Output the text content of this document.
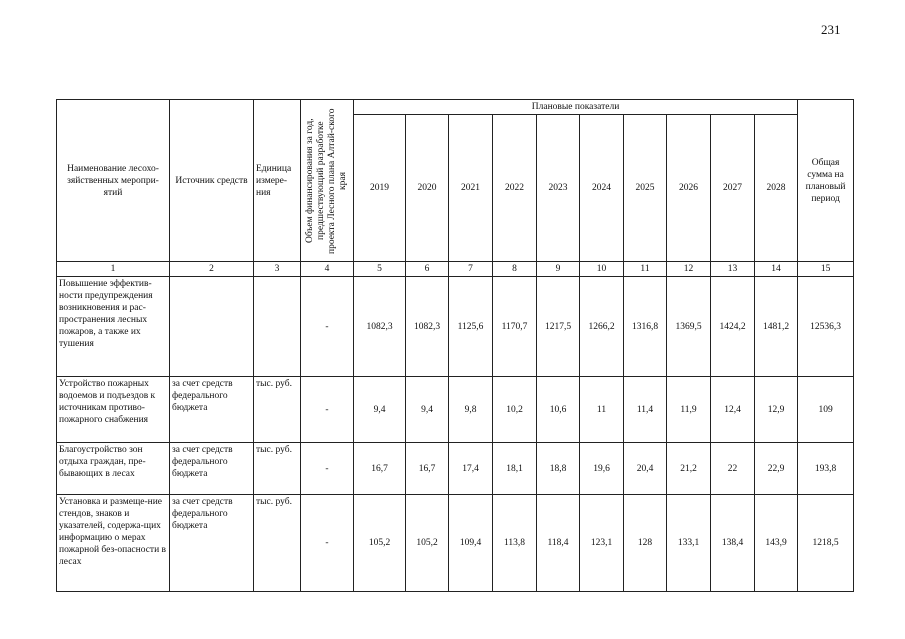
231
Наименование лесохо-зяйственных меропри-ятий	Источник средств	Единица измере-ния	Объем финансирования за год, предшествующий разработке проекта Лесного плана Алтай-ского края	Плановые показатели										Общая сумма на плановый период
				2019	2020	2021	2022	2023	2024	2025	2026	2027	2028	
1	2	3	4	5	6	7	8	9	10	11	12	13	14	15
Повышение эффектив-ности предупреждения возникновения и рас-пространения лесных пожаров, а также их тушения			-	1082,3	1082,3	1125,6	1170,7	1217,5	1266,2	1316,8	1369,5	1424,2	1481,2	12536,3
Устройство пожарных водоемов и подъездов к источникам противо-пожарного снабжения	за счет средств федерального бюджета	тыс. руб.	-	9,4	9,4	9,8	10,2	10,6	11	11,4	11,9	12,4	12,9	109
Благоустройство зон отдыха граждан, пре-бывающих в лесах	за счет средств федерального бюджета	тыс. руб.	-	16,7	16,7	17,4	18,1	18,8	19,6	20,4	21,2	22	22,9	193,8
Установка и размеще-ние стендов, знаков и указателей, содержа-щих информацию о мерах пожарной без-опасности в лесах	за счет средств федерального бюджета	тыс. руб.	-	105,2	105,2	109,4	113,8	118,4	123,1	128	133,1	138,4	143,9	1218,5
